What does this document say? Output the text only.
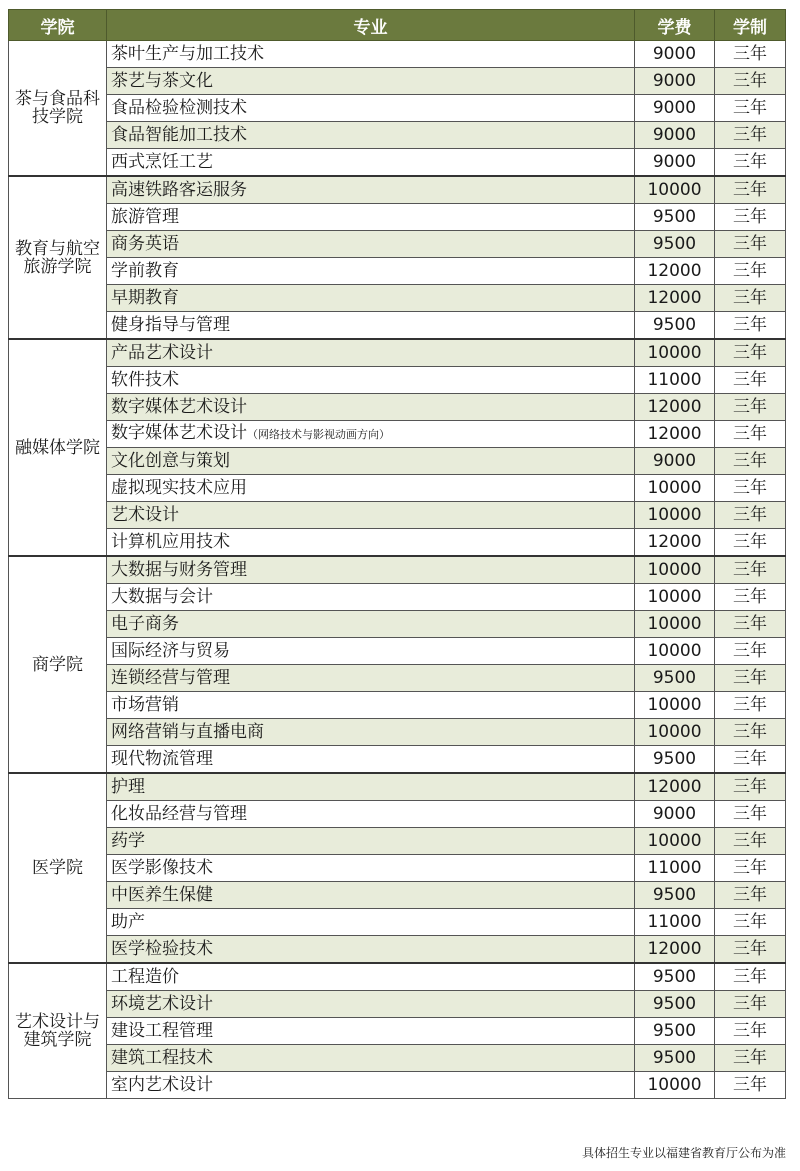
学院	专业	学费	学制
茶与食品科技学院	茶叶生产与加工技术	9000	三年
	茶艺与茶文化	9000	三年
	食品检验检测技术	9000	三年
	食品智能加工技术	9000	三年
	西式烹饪工艺	9000	三年
教育与航空旅游学院	高速铁路客运服务	10000	三年
	旅游管理	9500	三年
	商务英语	9500	三年
	学前教育	12000	三年
	早期教育	12000	三年
	健身指导与管理	9500	三年
融媒体学院	产品艺术设计	10000	三年
	软件技术	11000	三年
	数字媒体艺术设计	12000	三年
	数字媒体艺术设计（网络技术与影视动画方向）	12000	三年
	文化创意与策划	9000	三年
	虚拟现实技术应用	10000	三年
	艺术设计	10000	三年
	计算机应用技术	12000	三年
商学院	大数据与财务管理	10000	三年
	大数据与会计	10000	三年
	电子商务	10000	三年
	国际经济与贸易	10000	三年
	连锁经营与管理	9500	三年
	市场营销	10000	三年
	网络营销与直播电商	10000	三年
	现代物流管理	9500	三年
医学院	护理	12000	三年
	化妆品经营与管理	9000	三年
	药学	10000	三年
	医学影像技术	11000	三年
	中医养生保健	9500	三年
	助产	11000	三年
	医学检验技术	12000	三年
艺术设计与建筑学院	工程造价	9500	三年
	环境艺术设计	9500	三年
	建设工程管理	9500	三年
	建筑工程技术	9500	三年
	室内艺术设计	10000	三年
具体招生专业以福建省教育厅公布为准
